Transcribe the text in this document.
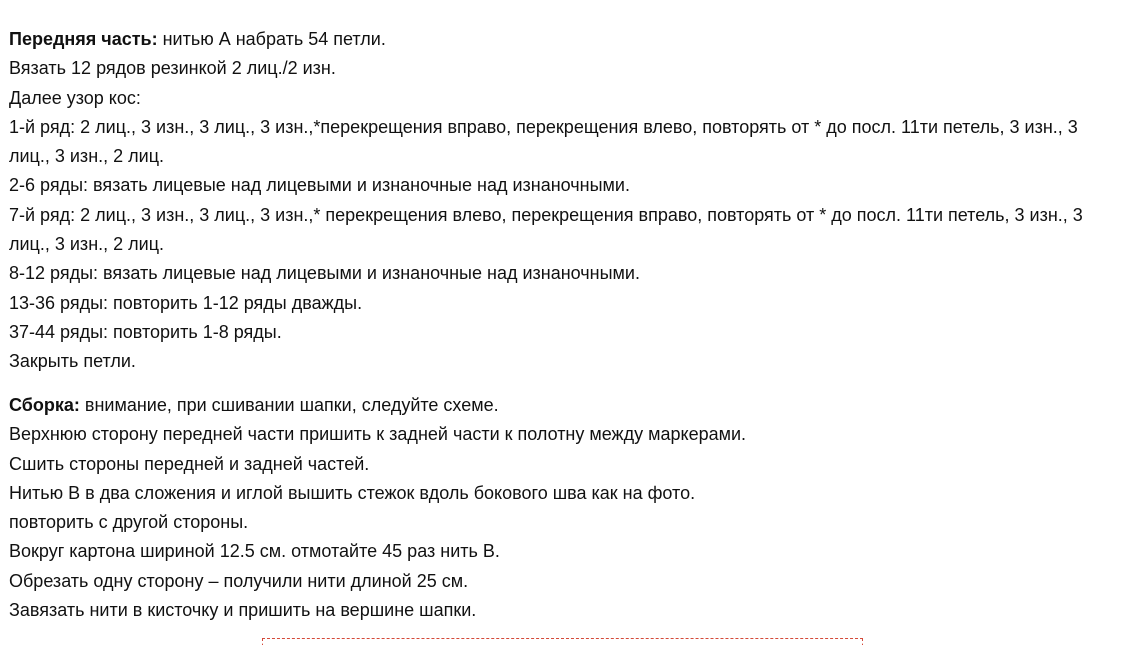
Передняя часть: нитью А набрать 54 петли.

Вязать 12 рядов резинкой 2 лиц./2 изн.

Далее узор кос:

1-й ряд: 2 лиц., 3 изн., 3 лиц., 3 изн.,*перекрещения вправо, перекрещения влево, повторять от * до посл. 11ти петель, 3 изн., 3 лиц., 3 изн., 2 лиц.

2-6 ряды: вязать лицевые над лицевыми и изнаночные над изнаночными.

7-й ряд: 2 лиц., 3 изн., 3 лиц., 3 изн.,* перекрещения влево, перекрещения вправо, повторять от * до посл. 11ти петель, 3 изн., 3 лиц., 3 изн., 2 лиц.

8-12 ряды: вязать лицевые над лицевыми и изнаночные над изнаночными.

13-36 ряды: повторить 1-12 ряды дважды.

37-44 ряды: повторить 1-8 ряды.

Закрыть петли.

Сборка: внимание, при сшивании шапки, следуйте схеме.

Верхнюю сторону передней части пришить к задней части к полотну между маркерами.

Сшить стороны передней и задней частей.

Нитью В в два сложения и иглой вышить стежок вдоль бокового шва как на фото.

повторить с другой стороны.

Вокруг картона шириной 12.5 см. отмотайте 45 раз нить В.

Обрезать одну сторону – получили нити длиной 25 см.

Завязать нити в кисточку и пришить на вершине шапки.
